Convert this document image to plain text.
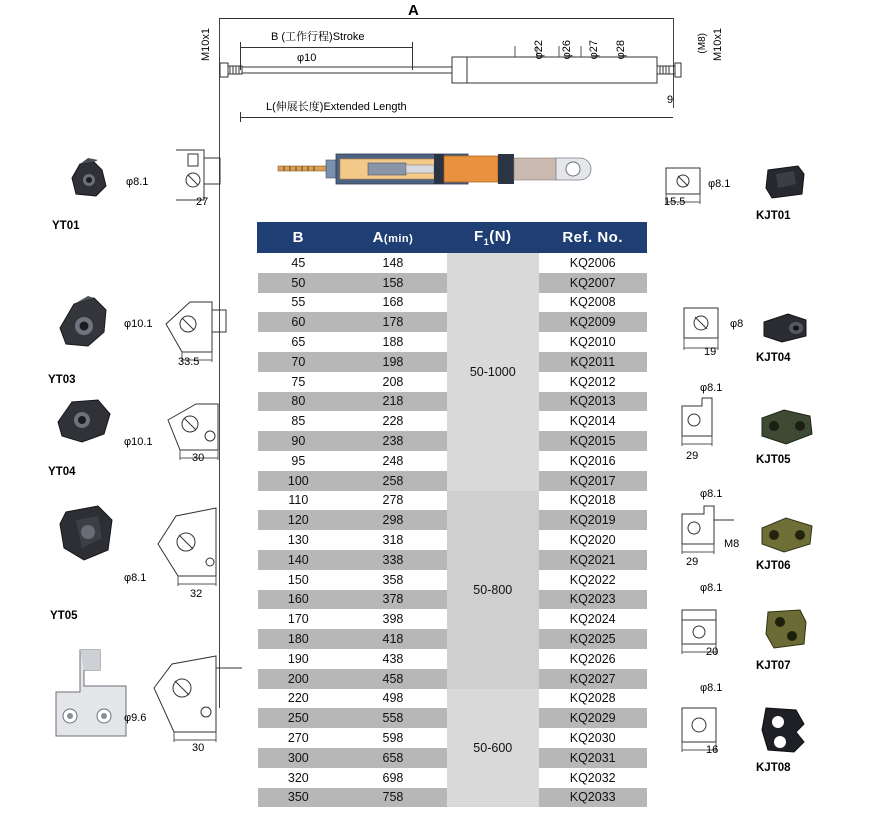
A
B (工作行程)Stroke
L(伸展长度)Extended Length
M10x1	M10x1
(M8)
φ10	φ22 φ26 φ27 φ28
9
YT01
φ8.1
27
YT03
φ10.1
33.5
YT04
φ10.1
30
YT05
φ8.1
32
φ9.6
30
15.5
φ8.1
KJT01
19
φ8
KJT04
φ8.1
29	KJT05
φ8.1
M8
29	KJT06
φ8.1
20
KJT07
φ8.1
16
KJT08
B	A(min)	$F_1(N)$	Ref. No.
45	148	50-1000	KQ2006
50	158		KQ2007
55	168		KQ2008
60	178		KQ2009
65	188		KQ2010
70	198		KQ2011
75	208		KQ2012
80	218		KQ2013
85	228		KQ2014
90	238		KQ2015
95	248		KQ2016
100	258		KQ2017
110	278	50-800	KQ2018
120	298		KQ2019
130	318		KQ2020
140	338		KQ2021
150	358		KQ2022
160	378		KQ2023
170	398		KQ2024
180	418		KQ2025
190	438		KQ2026
200	458		KQ2027
220	498	50-600	KQ2028
250	558		KQ2029
270	598		KQ2030
300	658		KQ2031
320	698		KQ2032
350	758		KQ2033
